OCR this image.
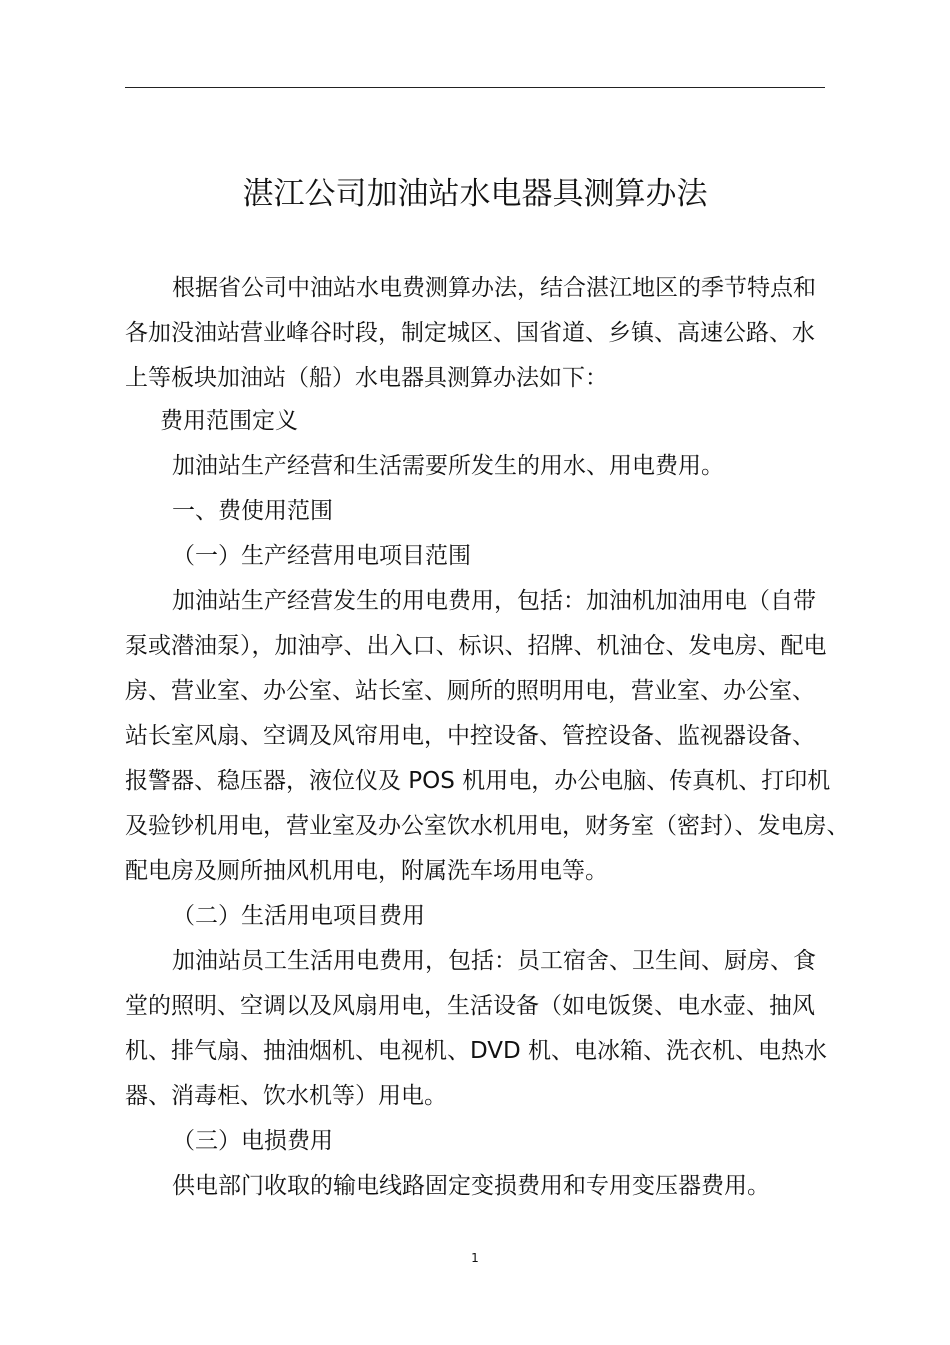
湛江公司加油站水电器具测算办法
根据省公司中油站水电费测算办法，结合湛江地区的季节特点和
各加没油站营业峰谷时段，制定城区、国省道、乡镇、高速公路、水
上等板块加油站（船）水电器具测算办法如下：
费用范围定义
加油站生产经营和生活需要所发生的用水、用电费用。
一、费使用范围
（一）生产经营用电项目范围
加油站生产经营发生的用电费用，包括：加油机加油用电（自带
泵或潜油泵），加油亭、出入口、标识、招牌、机油仓、发电房、配电
房、营业室、办公室、站长室、厕所的照明用电，营业室、办公室、
站长室风扇、空调及风帘用电，中控设备、管控设备、监视器设备、
报警器、稳压器，液位仪及 POS 机用电，办公电脑、传真机、打印机
及验钞机用电，营业室及办公室饮水机用电，财务室（密封）、发电房、
配电房及厕所抽风机用电，附属洗车场用电等。
（二）生活用电项目费用
加油站员工生活用电费用，包括：员工宿舍、卫生间、厨房、食
堂的照明、空调以及风扇用电，生活设备（如电饭煲、电水壶、抽风
机、排气扇、抽油烟机、电视机、DVD 机、电冰箱、洗衣机、电热水
器、消毒柜、饮水机等）用电。
（三）电损费用
供电部门收取的输电线路固定变损费用和专用变压器费用。
1
